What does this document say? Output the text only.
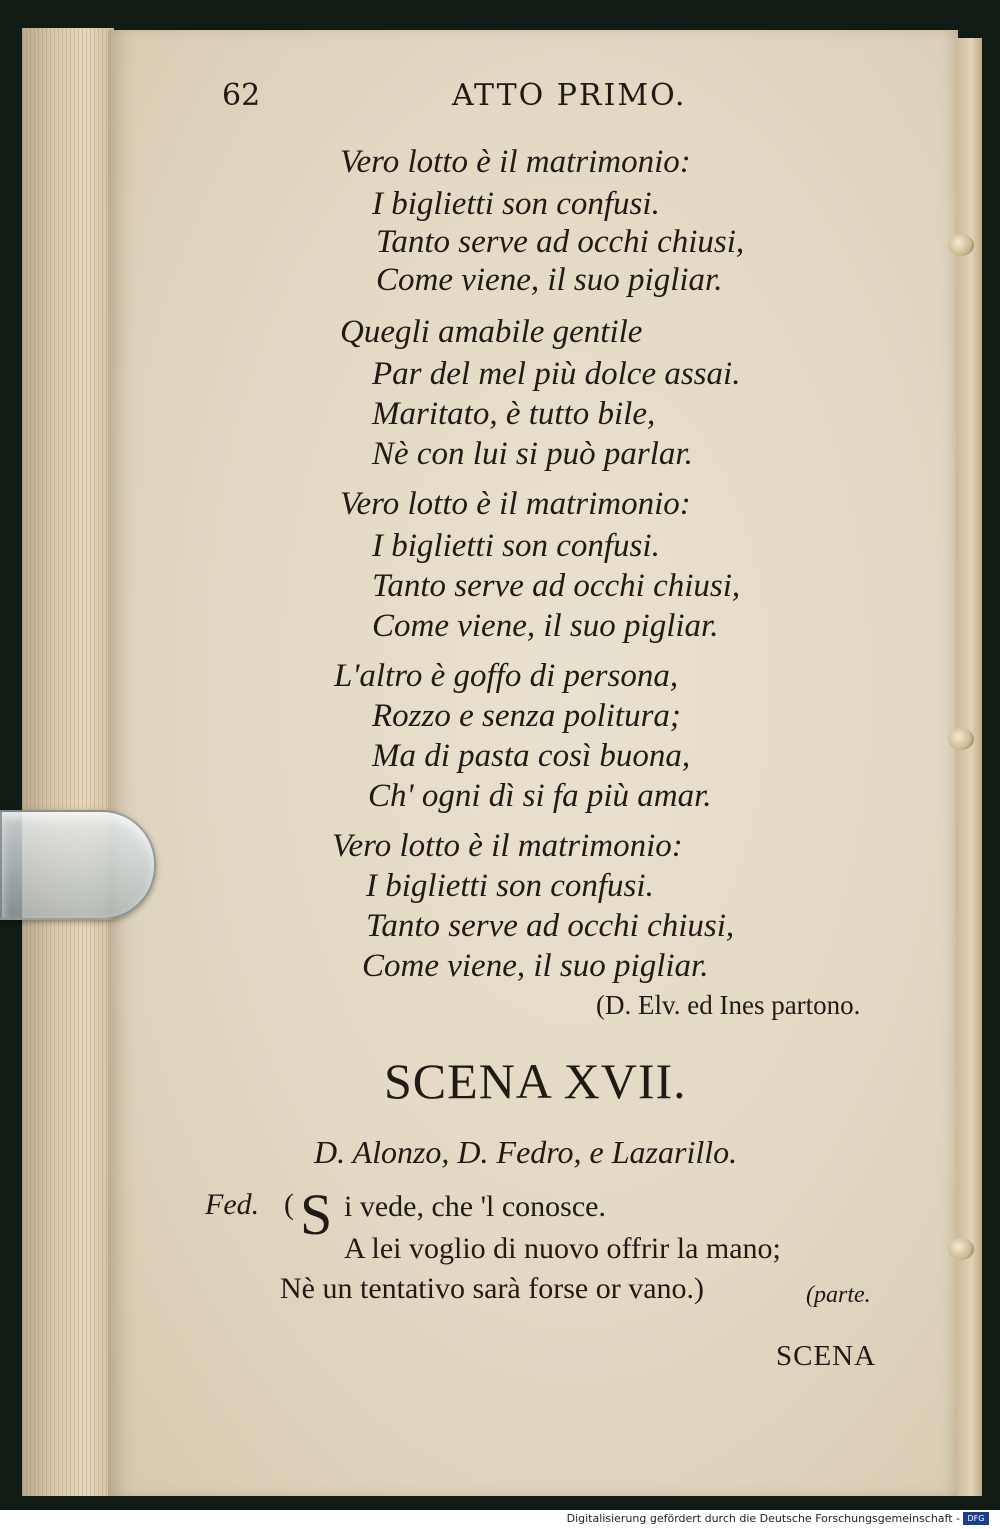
62	ATTO PRIMO.
Vero lotto è il matrimonio:
I biglietti son confusi.
Tanto serve ad occhi chiusi,
Come viene, il suo pigliar.
Quegli amabile gentile
Par del mel più dolce assai.
Maritato, è tutto bile,
Nè con lui si può parlar.
Vero lotto è il matrimonio:
I biglietti son confusi.
Tanto serve ad occhi chiusi,
Come viene, il suo pigliar.
L'altro è goffo di persona,
Rozzo e senza politura;
Ma di pasta così buona,
Ch' ogni dì si fa più amar.
Vero lotto è il matrimonio:
I biglietti son confusi.
Tanto serve ad occhi chiusi,
Come viene, il suo pigliar.
(D. Elv. ed Ines partono.
SCENA XVII.
D. Alonzo, D. Fedro, e Lazarillo.
Fed. ( S i vede, che 'l conosce.
A lei voglio di nuovo offrir la mano;
Nè un tentativo sarà forse or vano.)	(parte.
SCENA
Digitalisierung gefördert durch die Deutsche Forschungsgemeinschaft - DFG
